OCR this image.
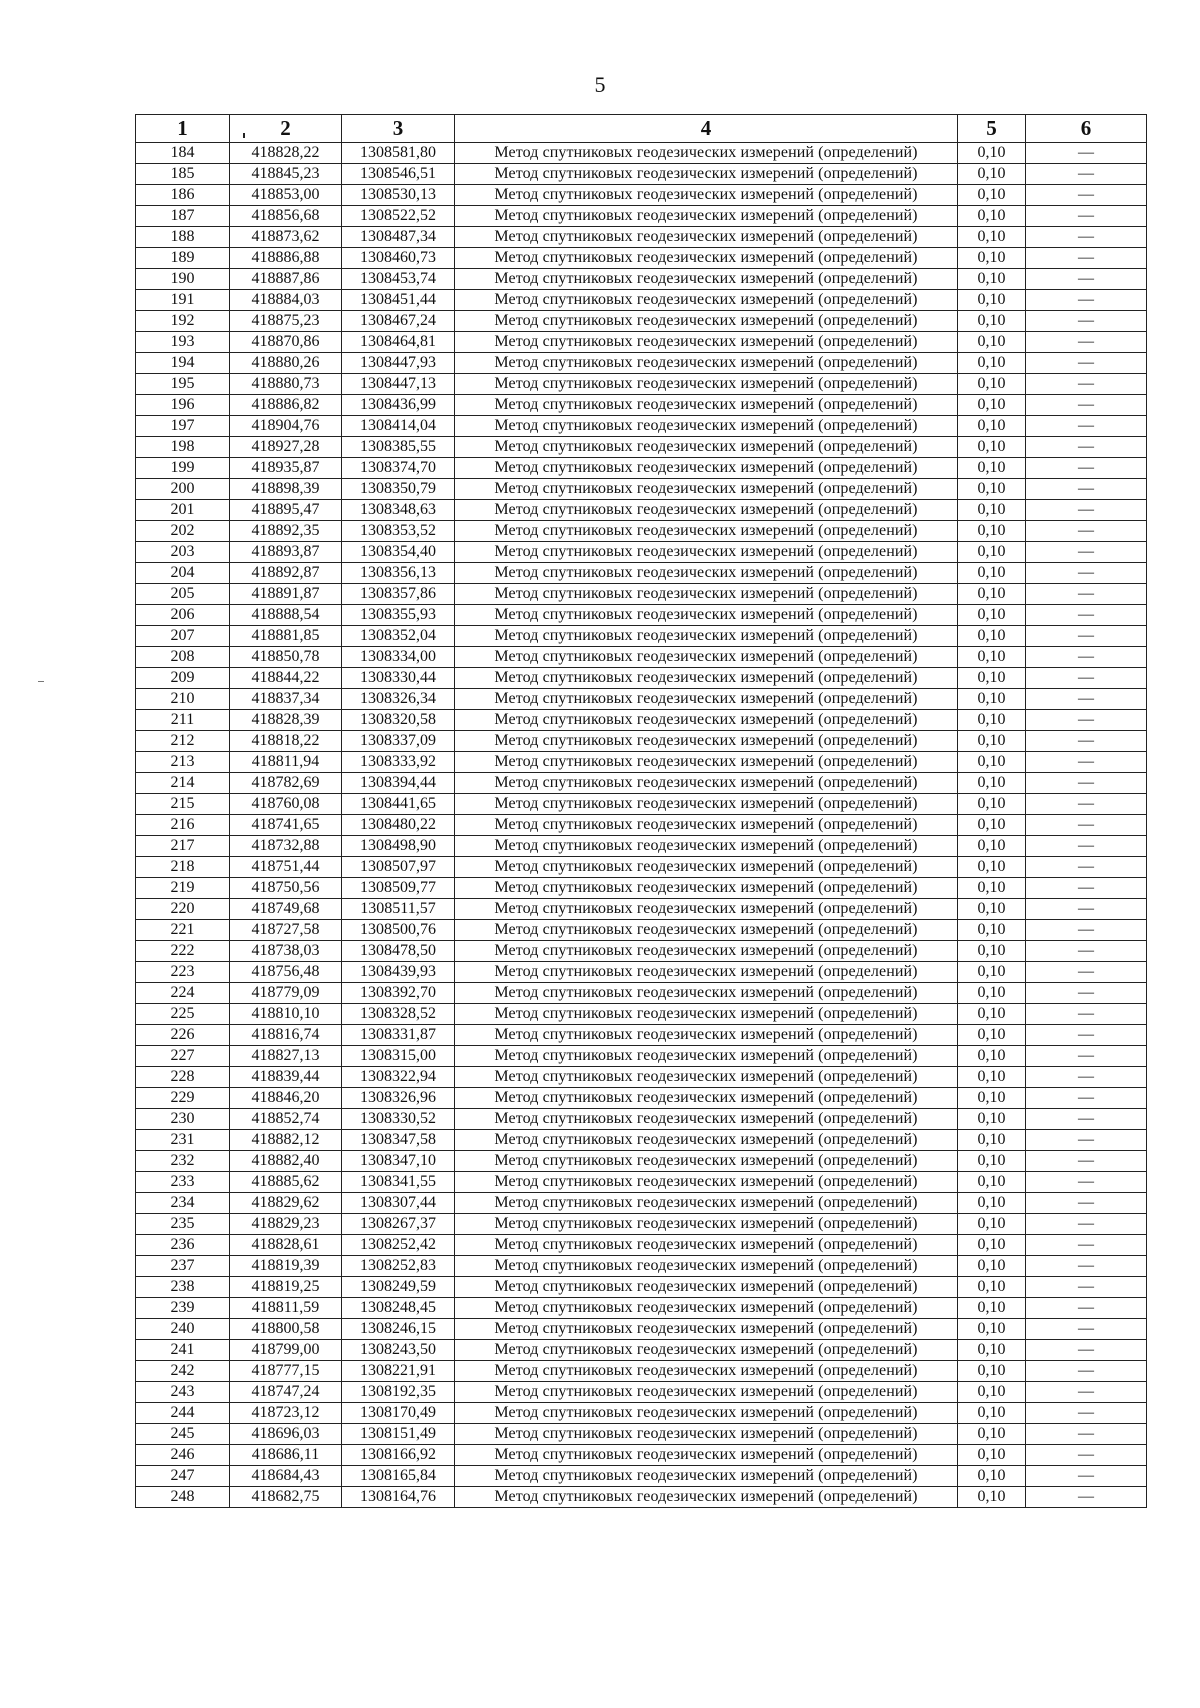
5
1	2	3	4	5	6
184	418828,22	1308581,80	Метод спутниковых геодезических измерений (определений)	0,10	—
185	418845,23	1308546,51	Метод спутниковых геодезических измерений (определений)	0,10	—
186	418853,00	1308530,13	Метод спутниковых геодезических измерений (определений)	0,10	—
187	418856,68	1308522,52	Метод спутниковых геодезических измерений (определений)	0,10	—
188	418873,62	1308487,34	Метод спутниковых геодезических измерений (определений)	0,10	—
189	418886,88	1308460,73	Метод спутниковых геодезических измерений (определений)	0,10	—
190	418887,86	1308453,74	Метод спутниковых геодезических измерений (определений)	0,10	—
191	418884,03	1308451,44	Метод спутниковых геодезических измерений (определений)	0,10	—
192	418875,23	1308467,24	Метод спутниковых геодезических измерений (определений)	0,10	—
193	418870,86	1308464,81	Метод спутниковых геодезических измерений (определений)	0,10	—
194	418880,26	1308447,93	Метод спутниковых геодезических измерений (определений)	0,10	—
195	418880,73	1308447,13	Метод спутниковых геодезических измерений (определений)	0,10	—
196	418886,82	1308436,99	Метод спутниковых геодезических измерений (определений)	0,10	—
197	418904,76	1308414,04	Метод спутниковых геодезических измерений (определений)	0,10	—
198	418927,28	1308385,55	Метод спутниковых геодезических измерений (определений)	0,10	—
199	418935,87	1308374,70	Метод спутниковых геодезических измерений (определений)	0,10	—
200	418898,39	1308350,79	Метод спутниковых геодезических измерений (определений)	0,10	—
201	418895,47	1308348,63	Метод спутниковых геодезических измерений (определений)	0,10	—
202	418892,35	1308353,52	Метод спутниковых геодезических измерений (определений)	0,10	—
203	418893,87	1308354,40	Метод спутниковых геодезических измерений (определений)	0,10	—
204	418892,87	1308356,13	Метод спутниковых геодезических измерений (определений)	0,10	—
205	418891,87	1308357,86	Метод спутниковых геодезических измерений (определений)	0,10	—
206	418888,54	1308355,93	Метод спутниковых геодезических измерений (определений)	0,10	—
207	418881,85	1308352,04	Метод спутниковых геодезических измерений (определений)	0,10	—
208	418850,78	1308334,00	Метод спутниковых геодезических измерений (определений)	0,10	—
209	418844,22	1308330,44	Метод спутниковых геодезических измерений (определений)	0,10	—
210	418837,34	1308326,34	Метод спутниковых геодезических измерений (определений)	0,10	—
211	418828,39	1308320,58	Метод спутниковых геодезических измерений (определений)	0,10	—
212	418818,22	1308337,09	Метод спутниковых геодезических измерений (определений)	0,10	—
213	418811,94	1308333,92	Метод спутниковых геодезических измерений (определений)	0,10	—
214	418782,69	1308394,44	Метод спутниковых геодезических измерений (определений)	0,10	—
215	418760,08	1308441,65	Метод спутниковых геодезических измерений (определений)	0,10	—
216	418741,65	1308480,22	Метод спутниковых геодезических измерений (определений)	0,10	—
217	418732,88	1308498,90	Метод спутниковых геодезических измерений (определений)	0,10	—
218	418751,44	1308507,97	Метод спутниковых геодезических измерений (определений)	0,10	—
219	418750,56	1308509,77	Метод спутниковых геодезических измерений (определений)	0,10	—
220	418749,68	1308511,57	Метод спутниковых геодезических измерений (определений)	0,10	—
221	418727,58	1308500,76	Метод спутниковых геодезических измерений (определений)	0,10	—
222	418738,03	1308478,50	Метод спутниковых геодезических измерений (определений)	0,10	—
223	418756,48	1308439,93	Метод спутниковых геодезических измерений (определений)	0,10	—
224	418779,09	1308392,70	Метод спутниковых геодезических измерений (определений)	0,10	—
225	418810,10	1308328,52	Метод спутниковых геодезических измерений (определений)	0,10	—
226	418816,74	1308331,87	Метод спутниковых геодезических измерений (определений)	0,10	—
227	418827,13	1308315,00	Метод спутниковых геодезических измерений (определений)	0,10	—
228	418839,44	1308322,94	Метод спутниковых геодезических измерений (определений)	0,10	—
229	418846,20	1308326,96	Метод спутниковых геодезических измерений (определений)	0,10	—
230	418852,74	1308330,52	Метод спутниковых геодезических измерений (определений)	0,10	—
231	418882,12	1308347,58	Метод спутниковых геодезических измерений (определений)	0,10	—
232	418882,40	1308347,10	Метод спутниковых геодезических измерений (определений)	0,10	—
233	418885,62	1308341,55	Метод спутниковых геодезических измерений (определений)	0,10	—
234	418829,62	1308307,44	Метод спутниковых геодезических измерений (определений)	0,10	—
235	418829,23	1308267,37	Метод спутниковых геодезических измерений (определений)	0,10	—
236	418828,61	1308252,42	Метод спутниковых геодезических измерений (определений)	0,10	—
237	418819,39	1308252,83	Метод спутниковых геодезических измерений (определений)	0,10	—
238	418819,25	1308249,59	Метод спутниковых геодезических измерений (определений)	0,10	—
239	418811,59	1308248,45	Метод спутниковых геодезических измерений (определений)	0,10	—
240	418800,58	1308246,15	Метод спутниковых геодезических измерений (определений)	0,10	—
241	418799,00	1308243,50	Метод спутниковых геодезических измерений (определений)	0,10	—
242	418777,15	1308221,91	Метод спутниковых геодезических измерений (определений)	0,10	—
243	418747,24	1308192,35	Метод спутниковых геодезических измерений (определений)	0,10	—
244	418723,12	1308170,49	Метод спутниковых геодезических измерений (определений)	0,10	—
245	418696,03	1308151,49	Метод спутниковых геодезических измерений (определений)	0,10	—
246	418686,11	1308166,92	Метод спутниковых геодезических измерений (определений)	0,10	—
247	418684,43	1308165,84	Метод спутниковых геодезических измерений (определений)	0,10	—
248	418682,75	1308164,76	Метод спутниковых геодезических измерений (определений)	0,10	—
